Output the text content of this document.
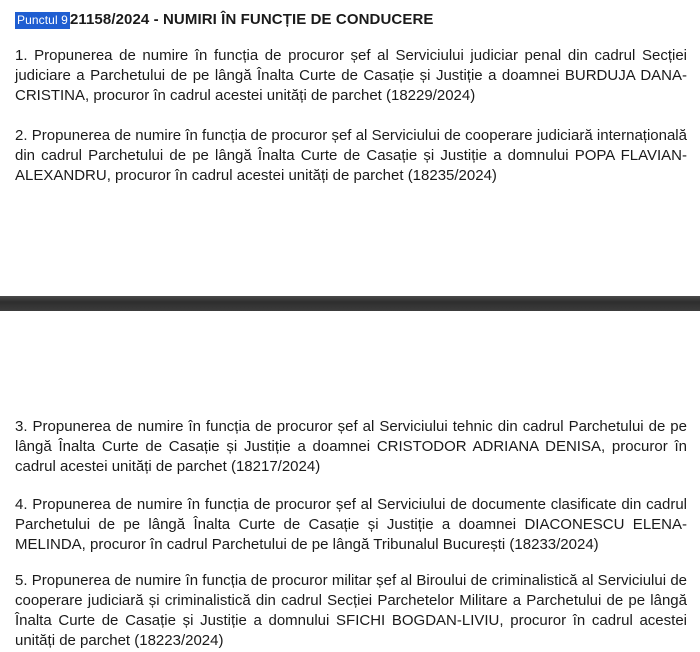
Punctul 9 21158/2024 - NUMIRI ÎN FUNCȚIE DE CONDUCERE

1. Propunerea de numire în funcția de procuror șef al Serviciului judiciar penal din cadrul Secției judiciare a Parchetului de pe lângă Înalta Curte de Casație și Justiție a doamnei BURDUJA DANA-CRISTINA, procuror în cadrul acestei unități de parchet (18229/2024)

2. Propunerea de numire în funcția de procuror șef al Serviciului de cooperare judiciară internațională din cadrul Parchetului de pe lângă Înalta Curte de Casație și Justiție a domnului POPA FLAVIAN-ALEXANDRU, procuror în cadrul acestei unități de parchet (18235/2024)

3. Propunerea de numire în funcția de procuror șef al Serviciului tehnic din cadrul Parchetului de pe lângă Înalta Curte de Casație și Justiție a doamnei CRISTODOR ADRIANA DENISA, procuror în cadrul acestei unități de parchet (18217/2024)

4. Propunerea de numire în funcția de procuror șef al Serviciului de documente clasificate din cadrul Parchetului de pe lângă Înalta Curte de Casație și Justiție a doamnei DIACONESCU ELENA-MELINDA, procuror în cadrul Parchetului de pe lângă Tribunalul București (18233/2024)

5. Propunerea de numire în funcția de procuror militar șef al Biroului de criminalistică al Serviciului de cooperare judiciară și criminalistică din cadrul Secției Parchetelor Militare a Parchetului de pe lângă Înalta Curte de Casație și Justiție a domnului SFICHI BOGDAN-LIVIU, procuror în cadrul acestei unități de parchet (18223/2024)
